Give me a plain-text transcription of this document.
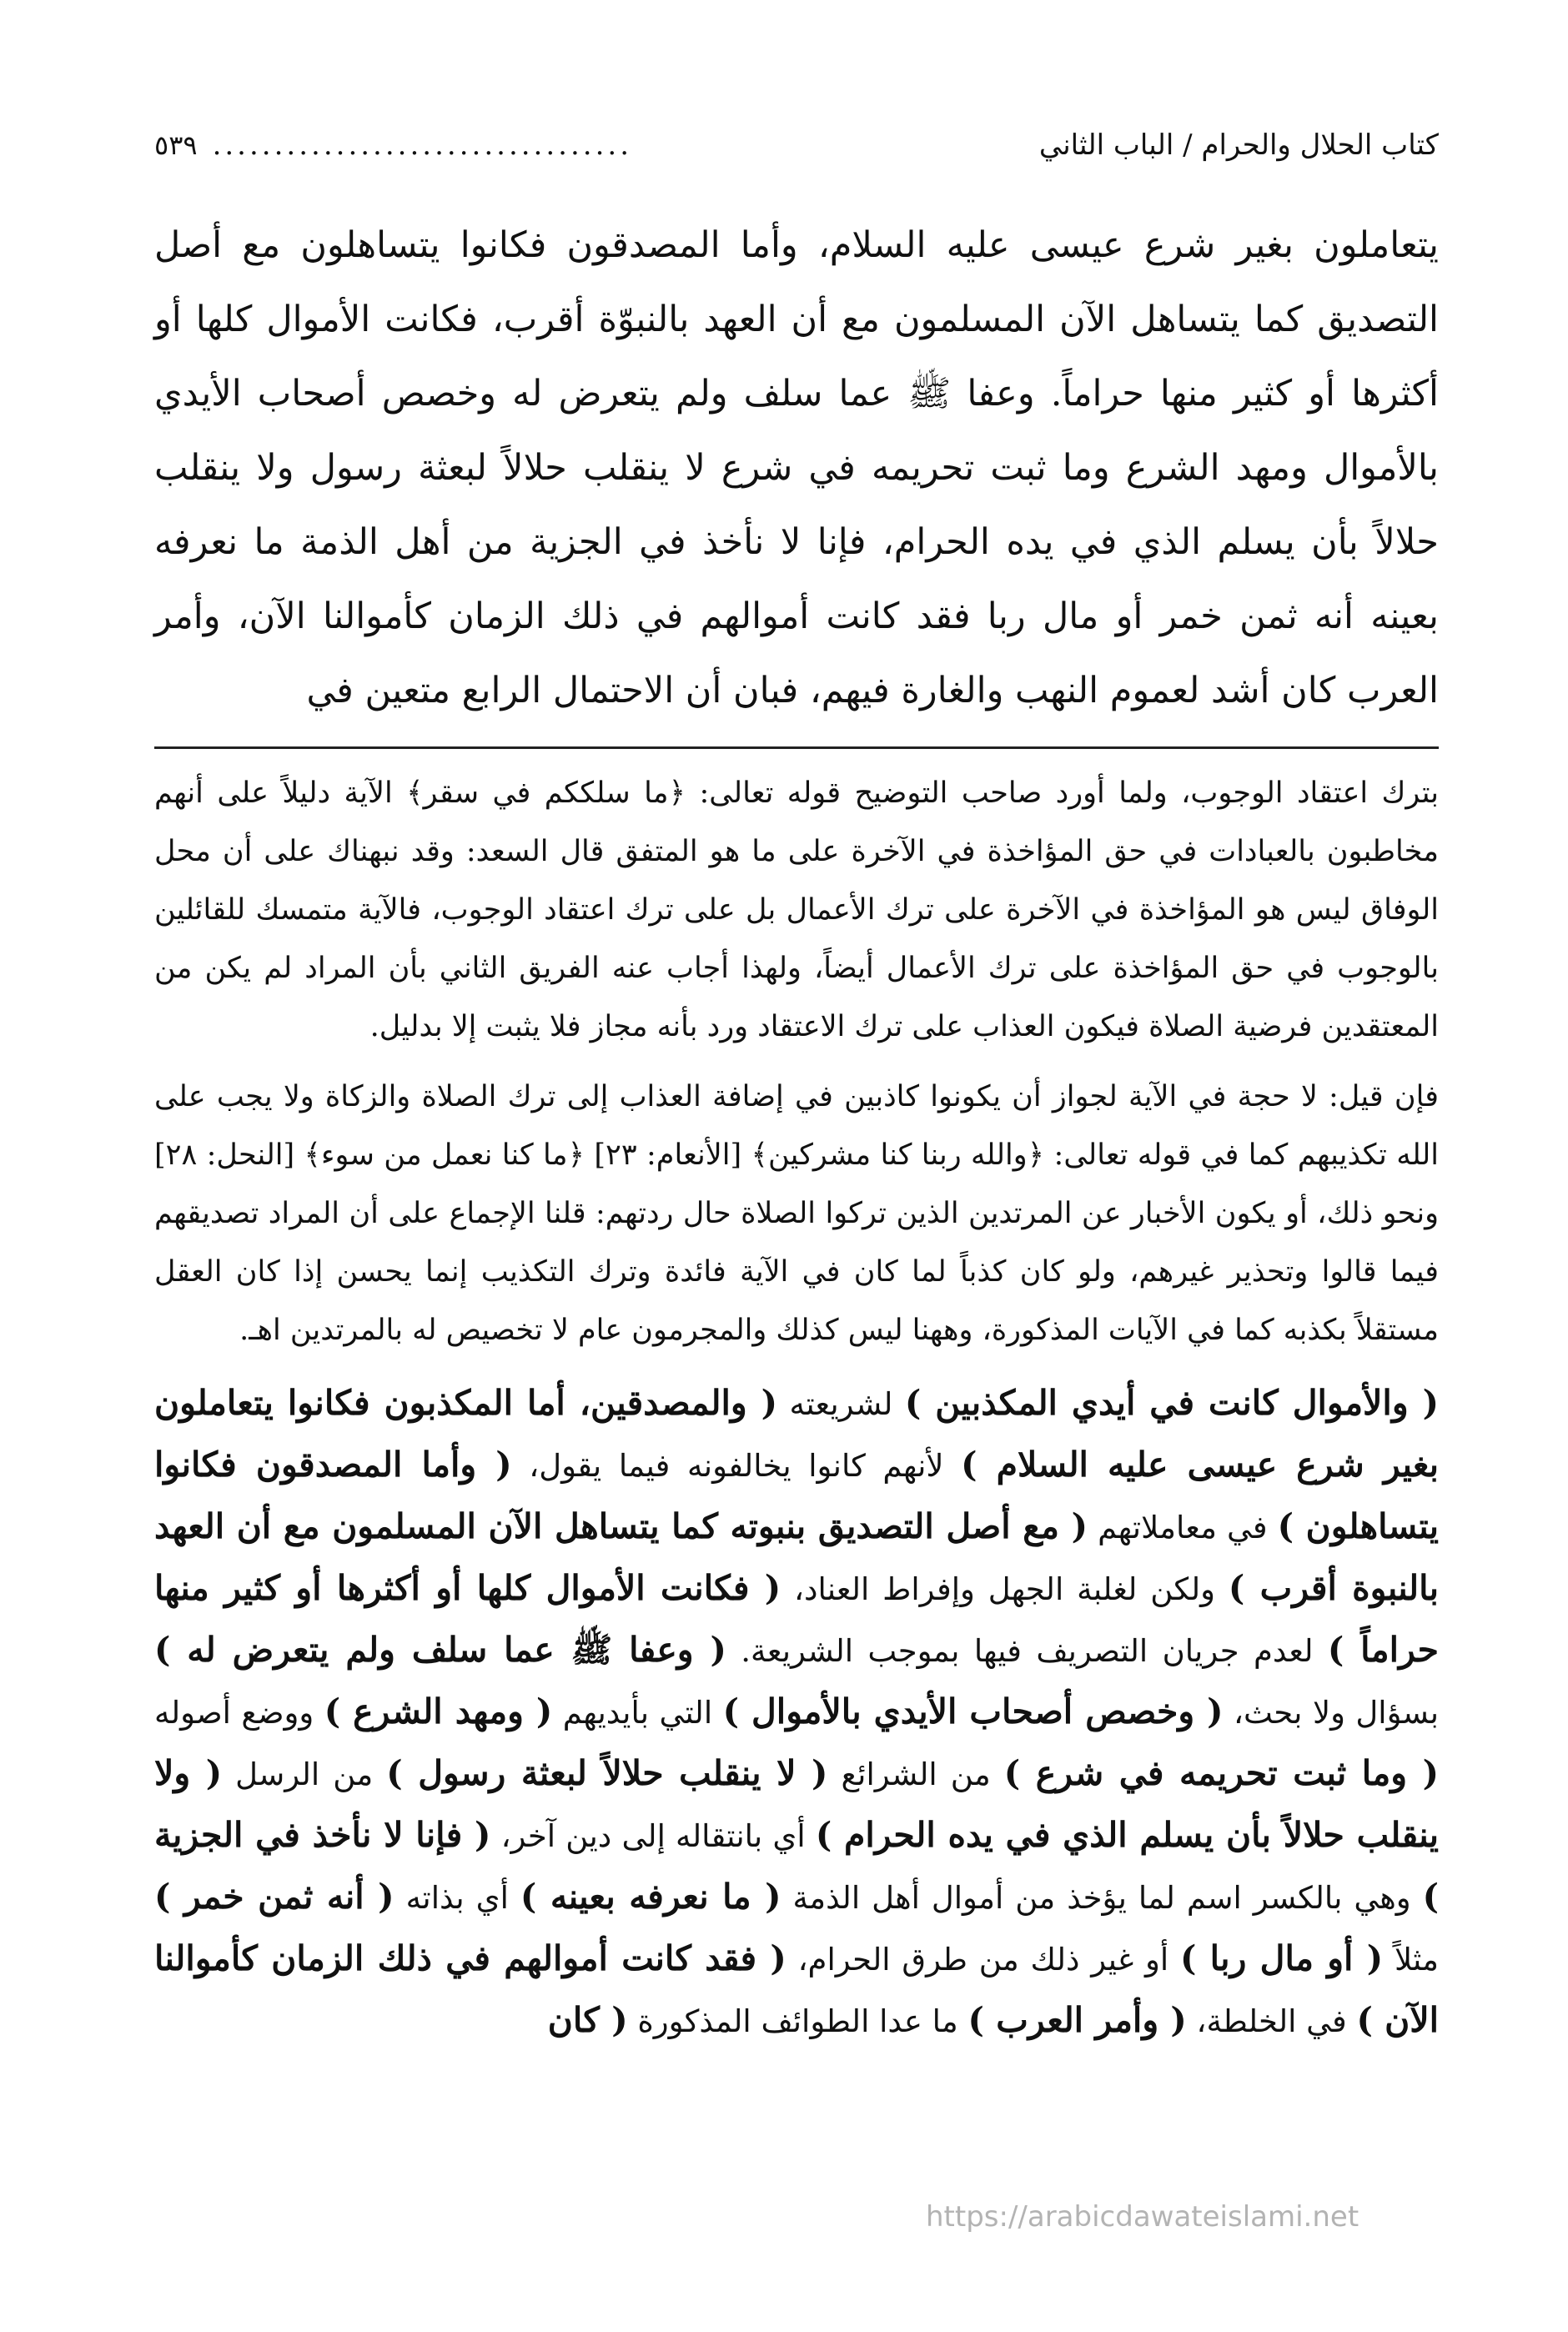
كتاب الحلال والحرام / الباب الثاني
..................................
٥٣٩
يتعاملون بغير شرع عيسى عليه السلام، وأما المصدقون فكانوا يتساهلون مع أصل التصديق كما يتساهل الآن المسلمون مع أن العهد بالنبوّة أقرب، فكانت الأموال كلها أو أكثرها أو كثير منها حراماً. وعفا ﷺ عما سلف ولم يتعرض له وخصص أصحاب الأيدي بالأموال ومهد الشرع وما ثبت تحريمه في شرع لا ينقلب حلالاً لبعثة رسول ولا ينقلب حلالاً بأن يسلم الذي في يده الحرام، فإنا لا نأخذ في الجزية من أهل الذمة ما نعرفه بعينه أنه ثمن خمر أو مال ربا فقد كانت أموالهم في ذلك الزمان كأموالنا الآن، وأمر العرب كان أشد لعموم النهب والغارة فيهم، فبان أن الاحتمال الرابع متعين في

بترك اعتقاد الوجوب، ولما أورد صاحب التوضيح قوله تعالى: ﴿ما سلككم في سقر﴾ الآية دليلاً على أنهم مخاطبون بالعبادات في حق المؤاخذة في الآخرة على ما هو المتفق قال السعد: وقد نبهناك على أن محل الوفاق ليس هو المؤاخذة في الآخرة على ترك الأعمال بل على ترك اعتقاد الوجوب، فالآية متمسك للقائلين بالوجوب في حق المؤاخذة على ترك الأعمال أيضاً، ولهذا أجاب عنه الفريق الثاني بأن المراد لم يكن من المعتقدين فرضية الصلاة فيكون العذاب على ترك الاعتقاد ورد بأنه مجاز فلا يثبت إلا بدليل.

فإن قيل: لا حجة في الآية لجواز أن يكونوا كاذبين في إضافة العذاب إلى ترك الصلاة والزكاة ولا يجب على الله تكذيبهم كما في قوله تعالى: ﴿والله ربنا كنا مشركين﴾ [الأنعام: ٢٣] ﴿ما كنا نعمل من سوء﴾ [النحل: ٢٨] ونحو ذلك، أو يكون الأخبار عن المرتدين الذين تركوا الصلاة حال ردتهم: قلنا الإجماع على أن المراد تصديقهم فيما قالوا وتحذير غيرهم، ولو كان كذباً لما كان في الآية فائدة وترك التكذيب إنما يحسن إذا كان العقل مستقلاً بكذبه كما في الآيات المذكورة، وههنا ليس كذلك والمجرمون عام لا تخصيص له بالمرتدين اهـ.

( والأموال كانت في أيدي المكذبين ) لشريعته ( والمصدقين، أما المكذبون فكانوا يتعاملون بغير شرع عيسى عليه السلام ) لأنهم كانوا يخالفونه فيما يقول، ( وأما المصدقون فكانوا يتساهلون ) في معاملاتهم ( مع أصل التصديق بنبوته كما يتساهل الآن المسلمون مع أن العهد بالنبوة أقرب ) ولكن لغلبة الجهل وإفراط العناد، ( فكانت الأموال كلها أو أكثرها أو كثير منها حراماً ) لعدم جريان التصريف فيها بموجب الشريعة. ( وعفا ﷺ عما سلف ولم يتعرض له ) بسؤال ولا بحث، ( وخصص أصحاب الأيدي بالأموال ) التي بأيديهم ( ومهد الشرع ) ووضع أصوله ( وما ثبت تحريمه في شرع ) من الشرائع ( لا ينقلب حلالاً لبعثة رسول ) من الرسل ( ولا ينقلب حلالاً بأن يسلم الذي في يده الحرام ) أي بانتقاله إلى دين آخر، ( فإنا لا نأخذ في الجزية ) وهي بالكسر اسم لما يؤخذ من أموال أهل الذمة ( ما نعرفه بعينه ) أي بذاته ( أنه ثمن خمر ) مثلاً ( أو مال ربا ) أو غير ذلك من طرق الحرام، ( فقد كانت أموالهم في ذلك الزمان كأموالنا الآن ) في الخلطة، ( وأمر العرب ) ما عدا الطوائف المذكورة ( كان
https://arabicdawateislami.net
